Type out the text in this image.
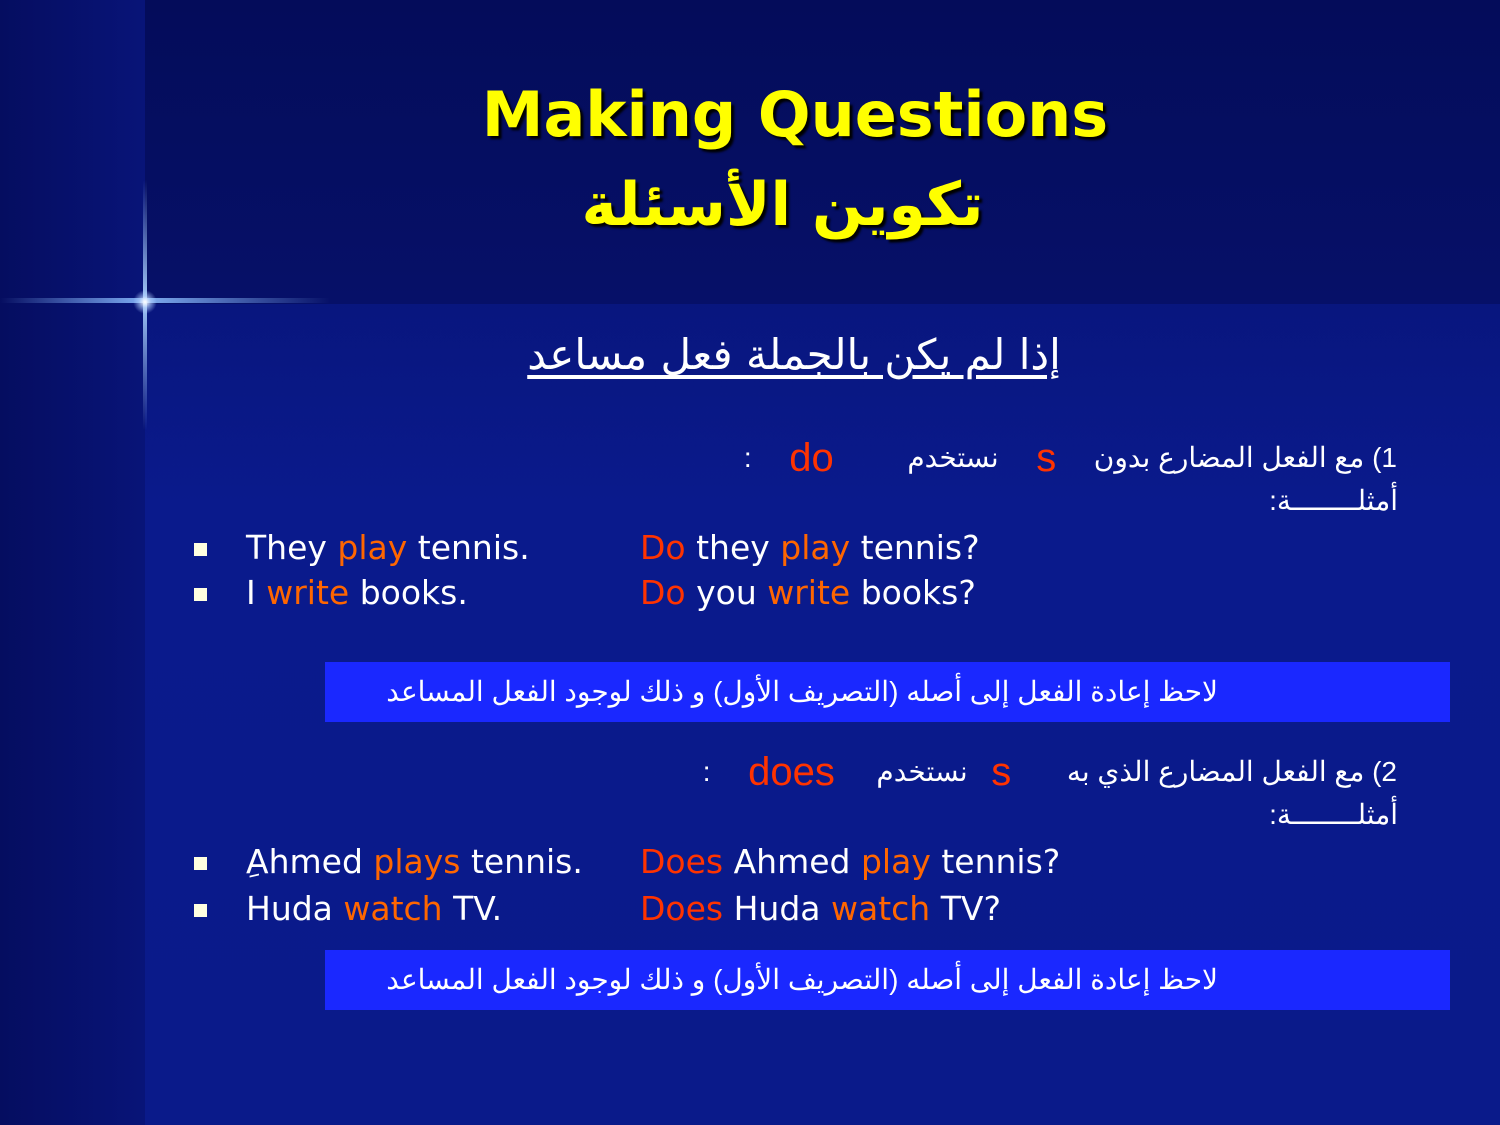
Making Questions
تكوين الأسئلة
إذا لم يكن بالجملة فعل مساعد
1) مع الفعل المضارع بدون  s  نستخدم  do  :
أمثلــــــــة:
They play tennis.	Do they play tennis?
I write books.	Do you write books?
لاحظ إعادة الفعل إلى أصله (التصريف الأول) و ذلك لوجود الفعل المساعد
2) مع الفعل المضارع الذي به  s  نستخدم  does  :
أمثلــــــــة:
ِAhmed plays tennis. Does Ahmed play tennis?
Huda watch TV.	Does Huda watch TV?
لاحظ إعادة الفعل إلى أصله (التصريف الأول) و ذلك لوجود الفعل المساعد
